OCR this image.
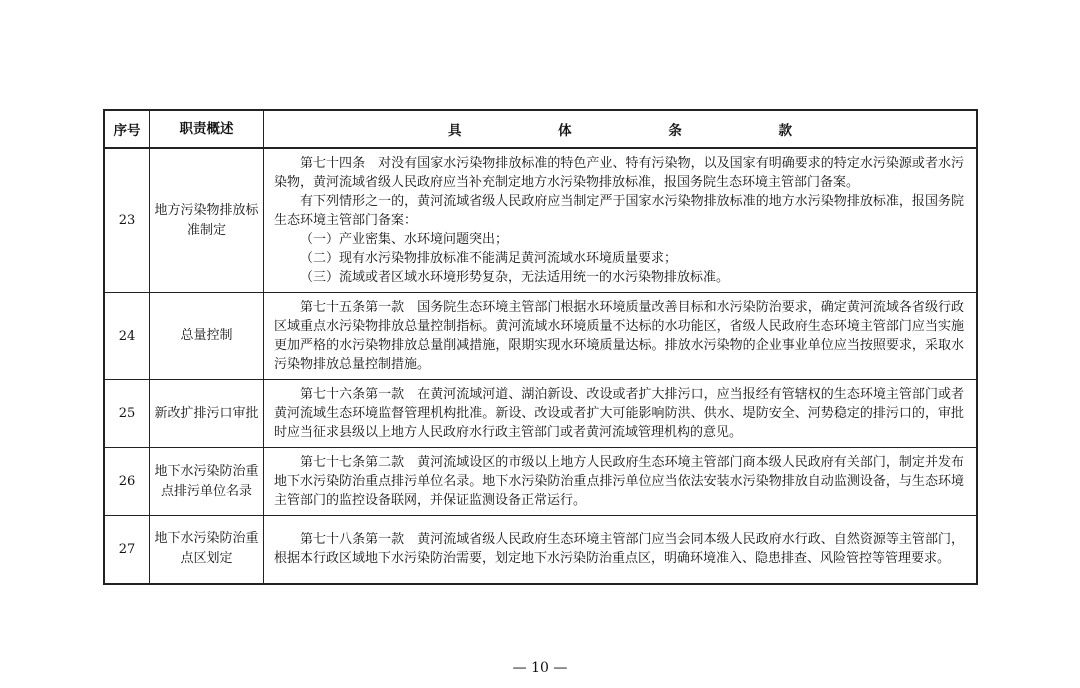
序号	职责概述	具 体 条 款
23	地方污染物排放标准制定	第七十四条　对没有国家水污染物排放标准的特色产业、特有污染物，以及国家有明确要求的特定水污染源或者水污染物，黄河流域省级人民政府应当补充制定地方水污染物排放标准，报国务院生态环境主管部门备案。

有下列情形之一的，黄河流域省级人民政府应当制定严于国家水污染物排放标准的地方水污染物排放标准，报国务院生态环境主管部门备案：

（一）产业密集、水环境问题突出；

（二）现有水污染物排放标准不能满足黄河流域水环境质量要求；

（三）流域或者区域水环境形势复杂，无法适用统一的水污染物排放标准。

24	总量控制	第七十五条第一款　国务院生态环境主管部门根据水环境质量改善目标和水污染防治要求，确定黄河流域各省级行政区域重点水污染物排放总量控制指标。黄河流域水环境质量不达标的水功能区，省级人民政府生态环境主管部门应当实施更加严格的水污染物排放总量削减措施，限期实现水环境质量达标。排放水污染物的企业事业单位应当按照要求，采取水污染物排放总量控制措施。

25	新改扩排污口审批	第七十六条第一款　在黄河流域河道、湖泊新设、改设或者扩大排污口，应当报经有管辖权的生态环境主管部门或者黄河流域生态环境监督管理机构批准。新设、改设或者扩大可能影响防洪、供水、堤防安全、河势稳定的排污口的，审批时应当征求县级以上地方人民政府水行政主管部门或者黄河流域管理机构的意见。

26	地下水污染防治重点排污单位名录	第七十七条第二款　黄河流域设区的市级以上地方人民政府生态环境主管部门商本级人民政府有关部门，制定并发布地下水污染防治重点排污单位名录。地下水污染防治重点排污单位应当依法安装水污染物排放自动监测设备，与生态环境主管部门的监控设备联网，并保证监测设备正常运行。

27	地下水污染防治重点区划定	第七十八条第一款　黄河流域省级人民政府生态环境主管部门应当会同本级人民政府水行政、自然资源等主管部门，根据本行政区域地下水污染防治需要，划定地下水污染防治重点区，明确环境准入、隐患排查、风险管控等管理要求。

— 10 —
